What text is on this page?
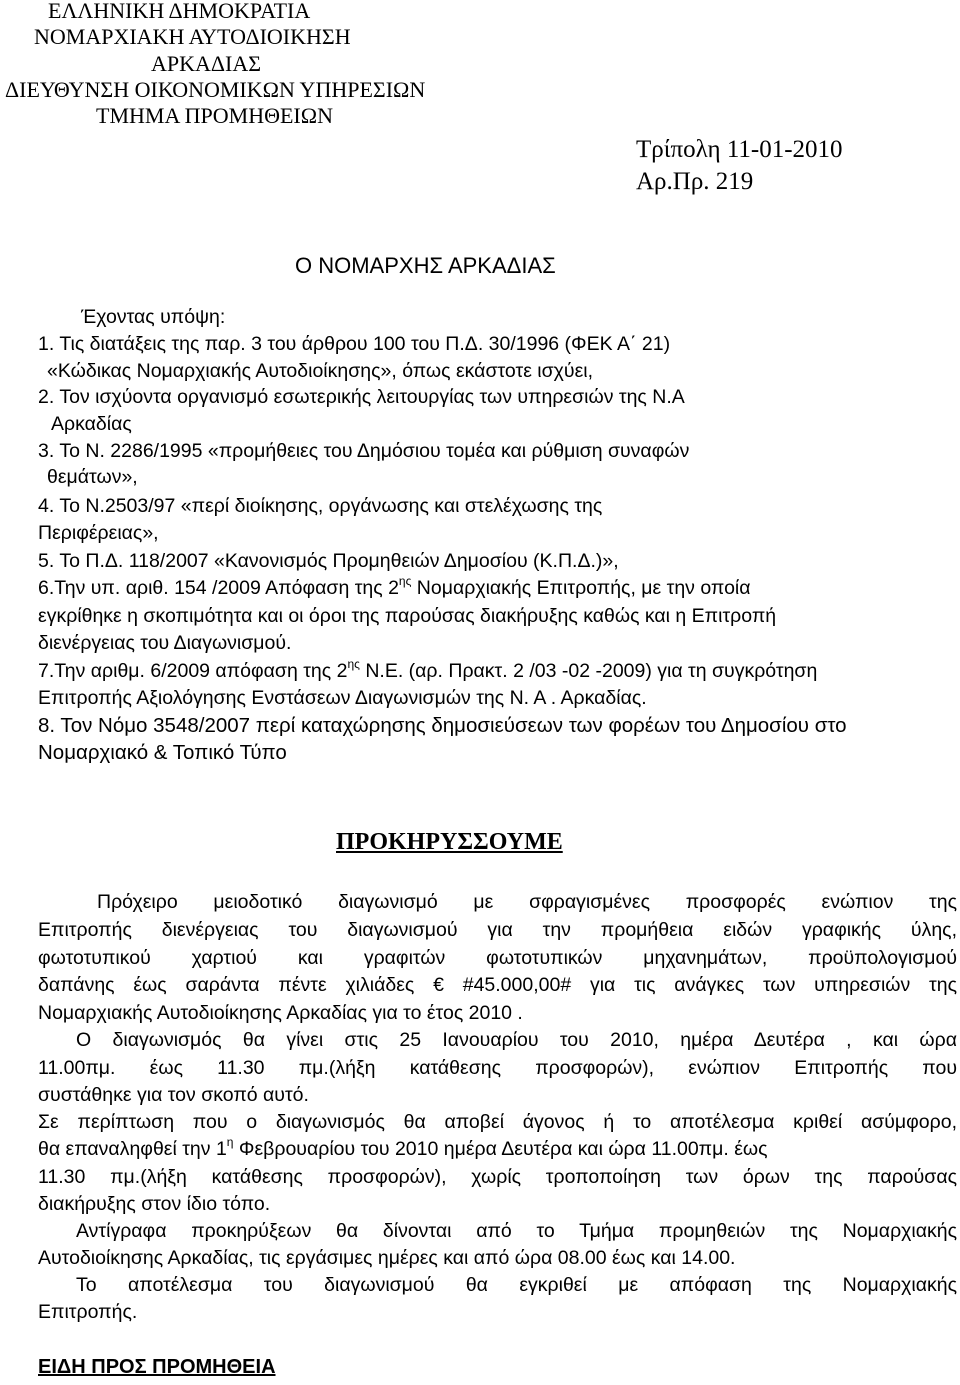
ΕΛΛΗΝΙΚΗ ΔΗΜΟΚΡΑΤΙΑ
ΝΟΜΑΡΧΙΑΚΗ ΑΥΤΟΔΙΟΙΚΗΣΗ
ΑΡΚΑΔΙΑΣ
ΔΙΕΥΘΥΝΣΗ ΟΙΚΟΝΟΜΙΚΩΝ ΥΠΗΡΕΣΙΩΝ
ΤΜΗΜΑ ΠΡΟΜΗΘΕΙΩΝ
Τρίπολη 11-01-2010
Αρ.Πρ. 219
Ο ΝΟΜΑΡΧΗΣ ΑΡΚΑΔΙΑΣ
Έχοντας υπόψη:
1. Τις διατάξεις της παρ. 3 του άρθρου 100 του Π.Δ. 30/1996 (ΦΕΚ Α΄ 21)
«Κώδικας Νομαρχιακής Αυτοδιοίκησης», όπως εκάστοτε ισχύει,
2. Τον ισχύοντα οργανισμό εσωτερικής λειτουργίας των υπηρεσιών της Ν.Α
Αρκαδίας
3. Το Ν. 2286/1995 «προμήθειες του Δημόσιου τομέα και ρύθμιση συναφών
θεμάτων»,
4. Το Ν.2503/97 «περί διοίκησης, οργάνωσης και στελέχωσης της
Περιφέρειας»,
5. Το Π.Δ. 118/2007 «Κανονισμός Προμηθειών Δημοσίου (Κ.Π.Δ.)»,
6.Την υπ. αριθ. 154 /2009 Απόφαση της $2^{\eta\varsigma}$ Νομαρχιακής Επιτροπής, με την οποία
εγκρίθηκε η σκοπιμότητα και οι όροι της παρούσας διακήρυξης καθώς και η Επιτροπή
διενέργειας του Διαγωνισμού.
7.Την αριθμ. 6/2009 απόφαση της $2^{\eta\varsigma}$ Ν.Ε. (αρ. Πρακτ. 2 /03 -02 -2009) για τη συγκρότηση
Επιτροπής Αξιολόγησης Ενστάσεων Διαγωνισμών της Ν. Α . Αρκαδίας.
8. Τον Νόμο 3548/2007 περί καταχώρησης δημοσιεύσεων των φορέων του Δημοσίου στο
Νομαρχιακό & Τοπικό Τύπο
ΠΡΟΚΗΡΥΣΣΟΥΜΕ
Πρόχειρο μειοδοτικό διαγωνισμό με σφραγισμένες προσφορές ενώπιον της
Επιτροπής διενέργειας του διαγωνισμού για την προμήθεια ειδών γραφικής ύλης,
φωτοτυπικού χαρτιού και γραφιτών φωτοτυπικών μηχανημάτων, προϋπολογισμού
δαπάνης έως σαράντα πέντε χιλιάδες € #45.000,00# για τις ανάγκες των υπηρεσιών της
Νομαρχιακής Αυτοδιοίκησης Αρκαδίας για το έτος 2010 .
Ο διαγωνισμός θα γίνει στις 25 Ιανουαρίου του 2010, ημέρα Δευτέρα , και ώρα
11.00πμ. έως 11.30 πμ.(λήξη κατάθεσης προσφορών), ενώπιον Επιτροπής που
συστάθηκε για τον σκοπό αυτό.
Σε περίπτωση που ο διαγωνισμός θα αποβεί άγονος ή το αποτέλεσμα κριθεί ασύμφορο,
θα επαναληφθεί την $1^\eta$ Φεβρουαρίου του 2010 ημέρα Δευτέρα και ώρα 11.00πμ. έως
11.30 πμ.(λήξη κατάθεσης προσφορών), χωρίς τροποποίηση των όρων της παρούσας
διακήρυξης στον ίδιο τόπο.
Αντίγραφα προκηρύξεων θα δίνονται από το Τμήμα προμηθειών της Νομαρχιακής
Αυτοδιοίκησης Αρκαδίας, τις εργάσιμες ημέρες και από ώρα 08.00 έως και 14.00.
Το αποτέλεσμα του διαγωνισμού θα εγκριθεί με απόφαση της Νομαρχιακής
Επιτροπής.
ΕΙΔΗ ΠΡΟΣ ΠΡΟΜΗΘΕΙΑ
